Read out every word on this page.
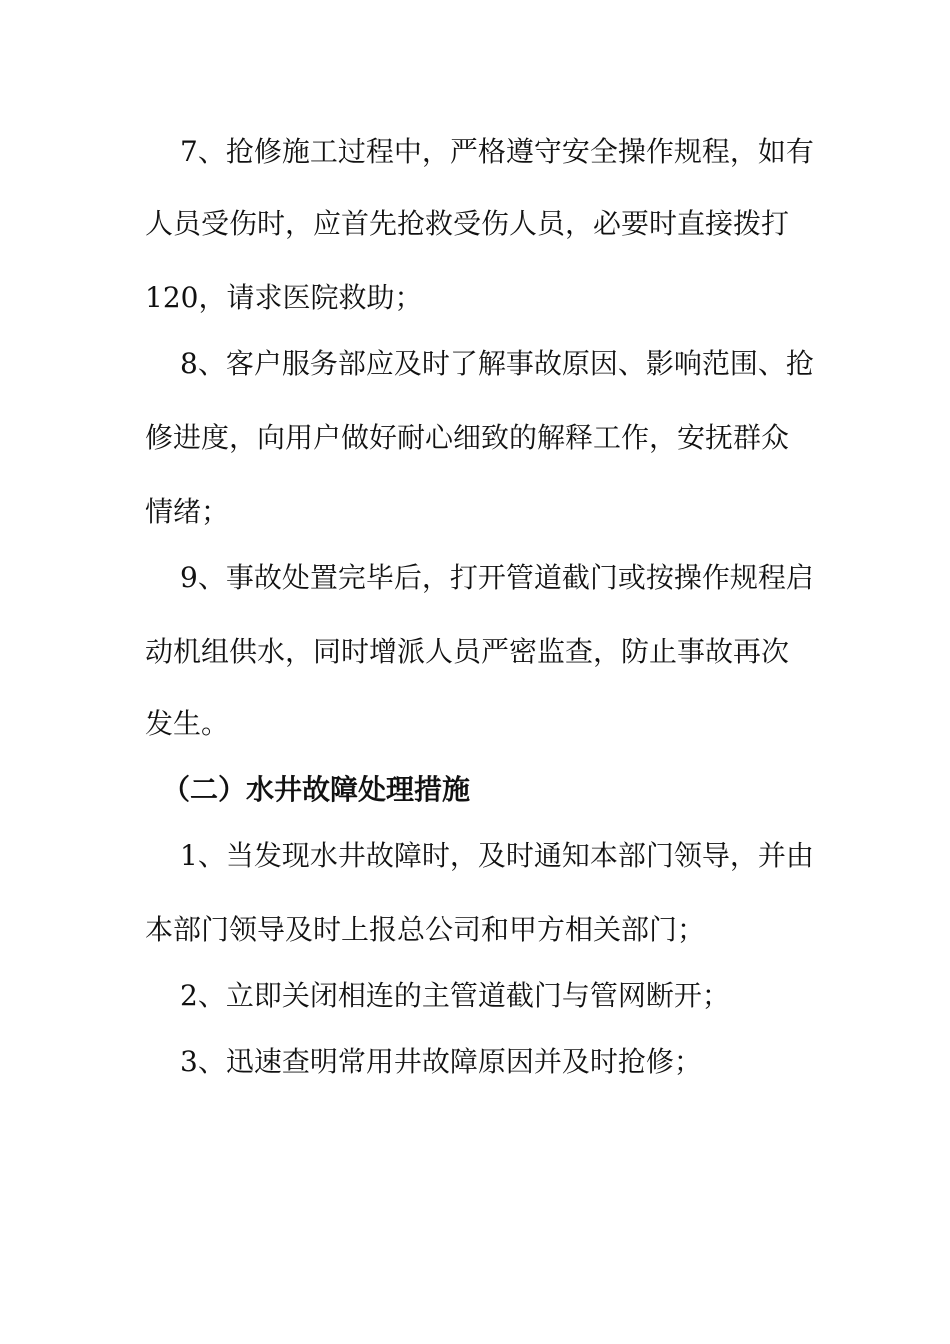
7、抢修施工过程中，严格遵守安全操作规程，如有

人员受伤时，应首先抢救受伤人员，必要时直接拨打

120，请求医院救助；

8、客户服务部应及时了解事故原因、影响范围、抢

修进度，向用户做好耐心细致的解释工作，安抚群众

情绪；

9、事故处置完毕后，打开管道截门或按操作规程启

动机组供水，同时增派人员严密监查，防止事故再次

发生。

（二）水井故障处理措施

1、当发现水井故障时，及时通知本部门领导，并由

本部门领导及时上报总公司和甲方相关部门；

2、立即关闭相连的主管道截门与管网断开；

3、迅速查明常用井故障原因并及时抢修；
